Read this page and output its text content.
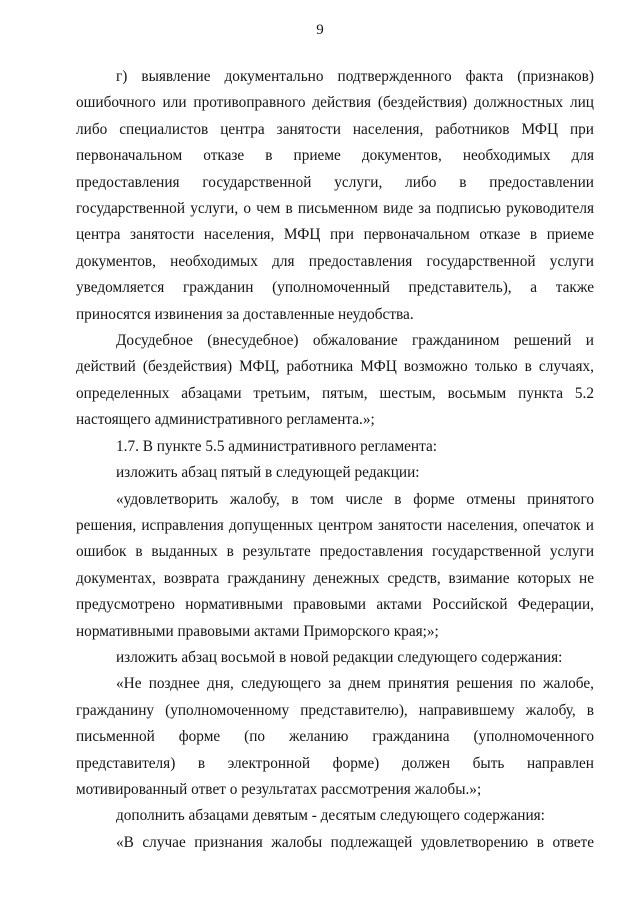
9

г) выявление документально подтвержденного факта (признаков) ошибочного или противоправного действия (бездействия) должностных лиц либо специалистов центра занятости населения, работников МФЦ при первоначальном отказе в приеме документов, необходимых для предоставления государственной услуги, либо в предоставлении государственной услуги, о чем в письменном виде за подписью руководителя центра занятости населения, МФЦ при первоначальном отказе в приеме документов, необходимых для предоставления государственной услуги уведомляется гражданин (уполномоченный представитель), а также приносятся извинения за доставленные неудобства.

Досудебное (внесудебное) обжалование гражданином решений и действий (бездействия) МФЦ, работника МФЦ возможно только в случаях, определенных абзацами третьим, пятым, шестым, восьмым пункта 5.2 настоящего административного регламента.»;

1.7. В пункте 5.5 административного регламента:

изложить абзац пятый в следующей редакции:

«удовлетворить жалобу, в том числе в форме отмены принятого решения, исправления допущенных центром занятости населения, опечаток и ошибок в выданных в результате предоставления государственной услуги документах, возврата гражданину денежных средств, взимание которых не предусмотрено нормативными правовыми актами Российской Федерации, нормативными правовыми актами Приморского края;»;

изложить абзац восьмой в новой редакции следующего содержания:

«Не позднее дня, следующего за днем принятия решения по жалобе, гражданину (уполномоченному представителю), направившему жалобу, в письменной форме (по желанию гражданина (уполномоченного представителя) в электронной форме) должен быть направлен мотивированный ответ о результатах рассмотрения жалобы.»;

дополнить абзацами девятым - десятым следующего содержания:

«В случае признания жалобы подлежащей удовлетворению в ответе
